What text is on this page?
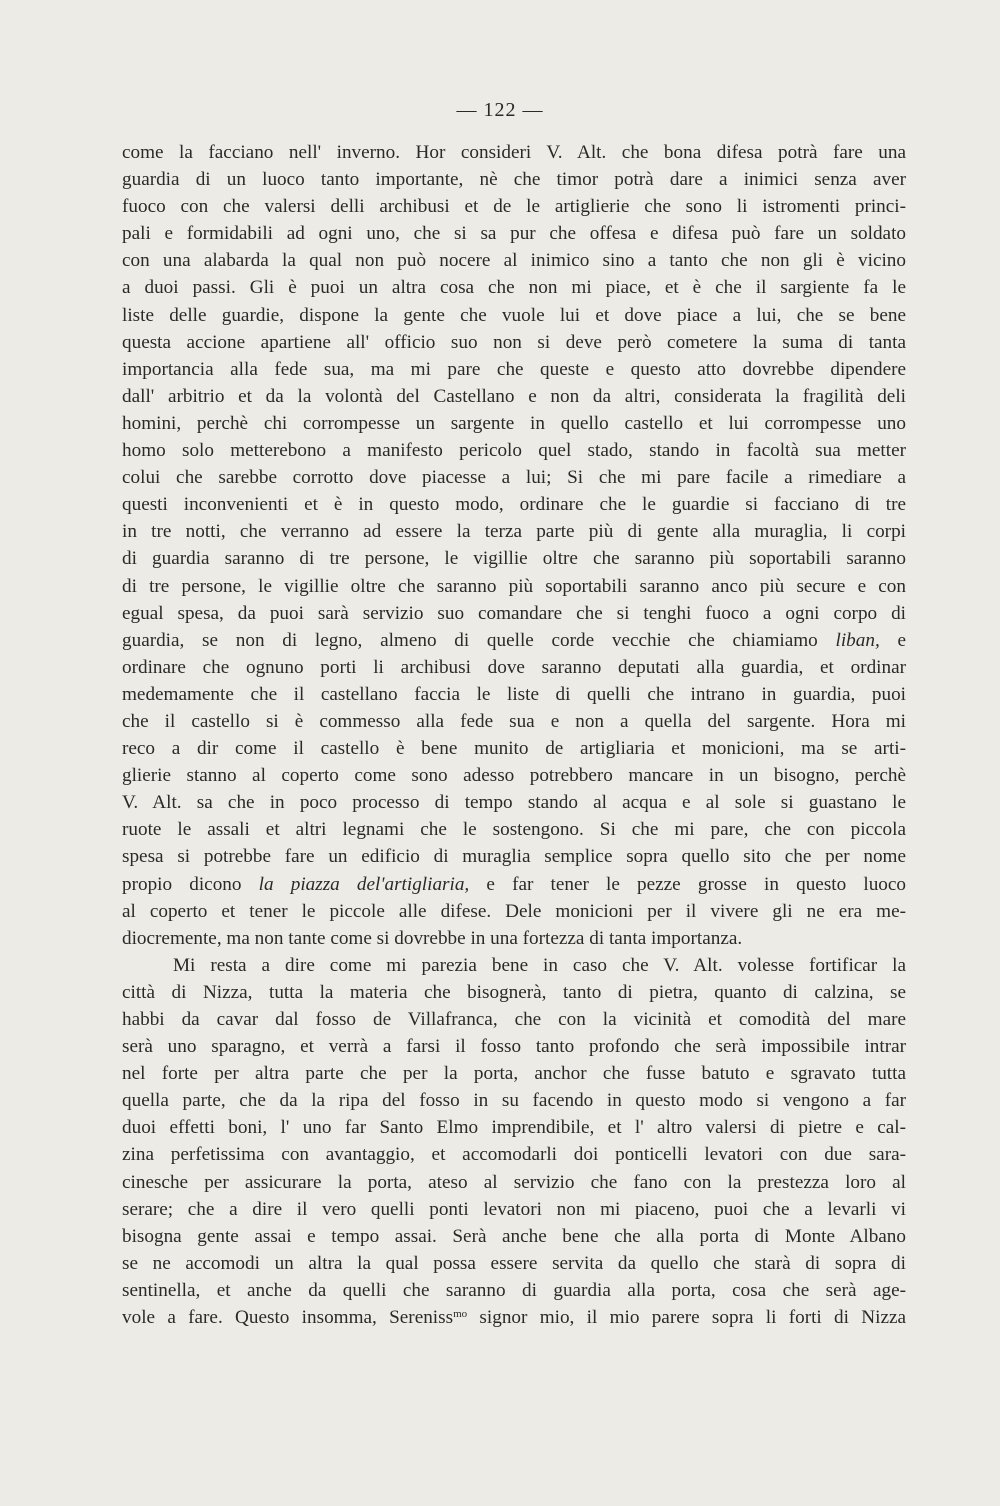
— 122 —
come la facciano nell' inverno. Hor consideri V. Alt. che bona difesa potrà fare una
guardia di un luoco tanto importante, nè che timor potrà dare a inimici senza aver
fuoco con che valersi delli archibusi et de le artiglierie che sono li istromenti princi-
pali e formidabili ad ogni uno, che si sa pur che offesa e difesa può fare un soldato
con una alabarda la qual non può nocere al inimico sino a tanto che non gli è vicino
a duoi passi. Gli è puoi un altra cosa che non mi piace, et è che il sargiente fa le
liste delle guardie, dispone la gente che vuole lui et dove piace a lui, che se bene
questa accione apartiene all' officio suo non si deve però cometere la suma di tanta
importancia alla fede sua, ma mi pare che queste e questo atto dovrebbe dipendere
dall' arbitrio et da la volontà del Castellano e non da altri, considerata la fragilità deli
homini, perchè chi corrompesse un sargente in quello castello et lui corrompesse uno
homo solo metterebono a manifesto pericolo quel stado, stando in facoltà sua metter
colui che sarebbe corrotto dove piacesse a lui; Si che mi pare facile a rimediare a
questi inconvenienti et è in questo modo, ordinare che le guardie si facciano di tre
in tre notti, che verranno ad essere la terza parte più di gente alla muraglia, li corpi
di guardia saranno di tre persone, le vigillie oltre che saranno più soportabili saranno
di tre persone, le vigillie oltre che saranno più soportabili saranno anco più secure e con
egual spesa, da puoi sarà servizio suo comandare che si tenghi fuoco a ogni corpo di
guardia, se non di legno, almeno di quelle corde vecchie che chiamiamo liban, e
ordinare che ognuno porti li archibusi dove saranno deputati alla guardia, et ordinar
medemamente che il castellano faccia le liste di quelli che intrano in guardia, puoi
che il castello si è commesso alla fede sua e non a quella del sargente. Hora mi
reco a dir come il castello è bene munito de artigliaria et monicioni, ma se arti-
glierie stanno al coperto come sono adesso potrebbero mancare in un bisogno, perchè
V. Alt. sa che in poco processo di tempo stando al acqua e al sole si guastano le
ruote le assali et altri legnami che le sostengono. Si che mi pare, che con piccola
spesa si potrebbe fare un edificio di muraglia semplice sopra quello sito che per nome
propio dicono la piazza del'artigliaria, e far tener le pezze grosse in questo luoco
al coperto et tener le piccole alle difese. Dele monicioni per il vivere gli ne era me-
diocremente, ma non tante come si dovrebbe in una fortezza di tanta importanza.
Mi resta a dire come mi parezia bene in caso che V. Alt. volesse fortificar la
città di Nizza, tutta la materia che bisognerà, tanto di pietra, quanto di calzina, se
habbi da cavar dal fosso de Villafranca, che con la vicinità et comodità del mare
serà uno sparagno, et verrà a farsi il fosso tanto profondo che serà impossibile intrar
nel forte per altra parte che per la porta, anchor che fusse batuto e sgravato tutta
quella parte, che da la ripa del fosso in su facendo in questo modo si vengono a far
duoi effetti boni, l' uno far Santo Elmo imprendibile, et l' altro valersi di pietre e cal-
zina perfetissima con avantaggio, et accomodarli doi ponticelli levatori con due sara-
cinesche per assicurare la porta, ateso al servizio che fano con la prestezza loro al
serare; che a dire il vero quelli ponti levatori non mi piaceno, puoi che a levarli vi
bisogna gente assai e tempo assai. Serà anche bene che alla porta di Monte Albano
se ne accomodi un altra la qual possa essere servita da quello che starà di sopra di
sentinella, et anche da quelli che saranno di guardia alla porta, cosa che serà age-
vole a fare. Questo insomma, Sereniss$^{mo}$ signor mio, il mio parere sopra li forti di Nizza
